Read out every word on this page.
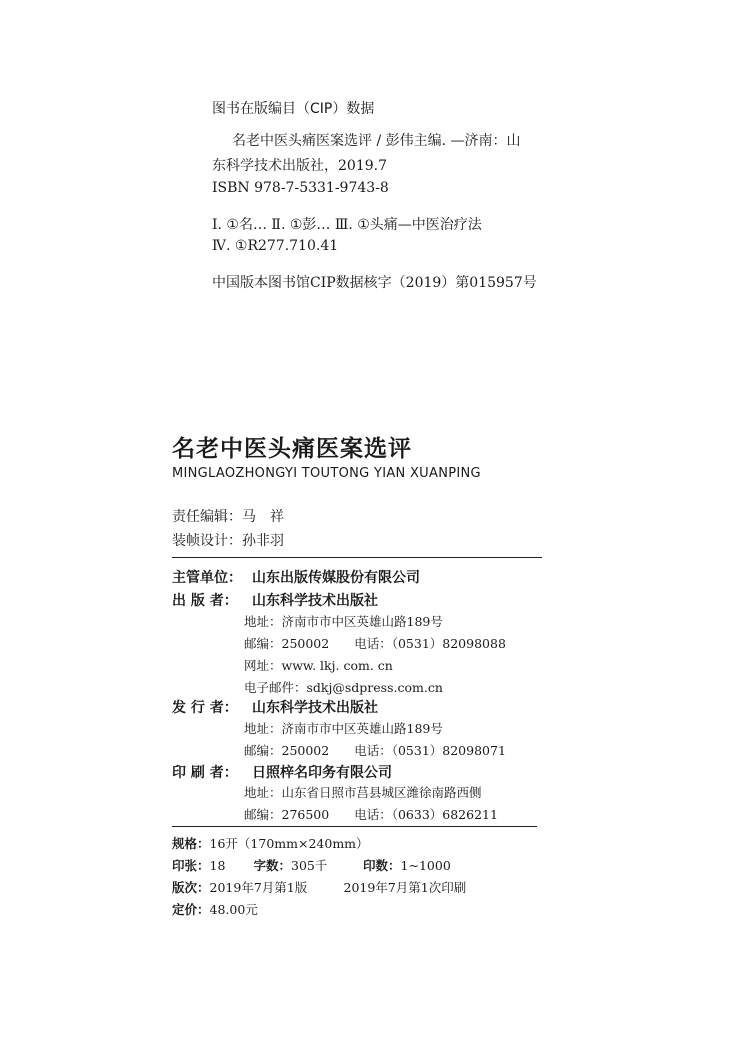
图书在版编目（CIP）数据
名老中医头痛医案选评 / 彭伟主编. —济南：山
东科学技术出版社，2019.7
ISBN 978-7-5331-9743-8
Ⅰ. ①名… Ⅱ. ①彭… Ⅲ. ①头痛—中医治疗法
Ⅳ. ①R277.710.41
中国版本图书馆CIP数据核字（2019）第015957号
名老中医头痛医案选评
MINGLAOZHONGYI TOUTONG YIAN XUANPING
责任编辑：马　祥
装帧设计：孙非羽
主管单位： 山东出版传媒股份有限公司
出 版 者： 山东科学技术出版社
地址：济南市市中区英雄山路189号
邮编：250002　　电话：（0531）82098088
网址：www. lkj. com. cn
电子邮件：sdkj@sdpress.com.cn
发 行 者： 山东科学技术出版社
地址：济南市市中区英雄山路189号
邮编：250002　　电话：（0531）82098071
印 刷 者： 日照梓名印务有限公司
地址：山东省日照市莒县城区潍徐南路西侧
邮编：276500　　电话：（0633）6826211
规格：16开（170mm×240mm）
印张：18 字数：305千	印数：1~1000
版次：2019年7月第1版	2019年7月第1次印刷
定价：48.00元
